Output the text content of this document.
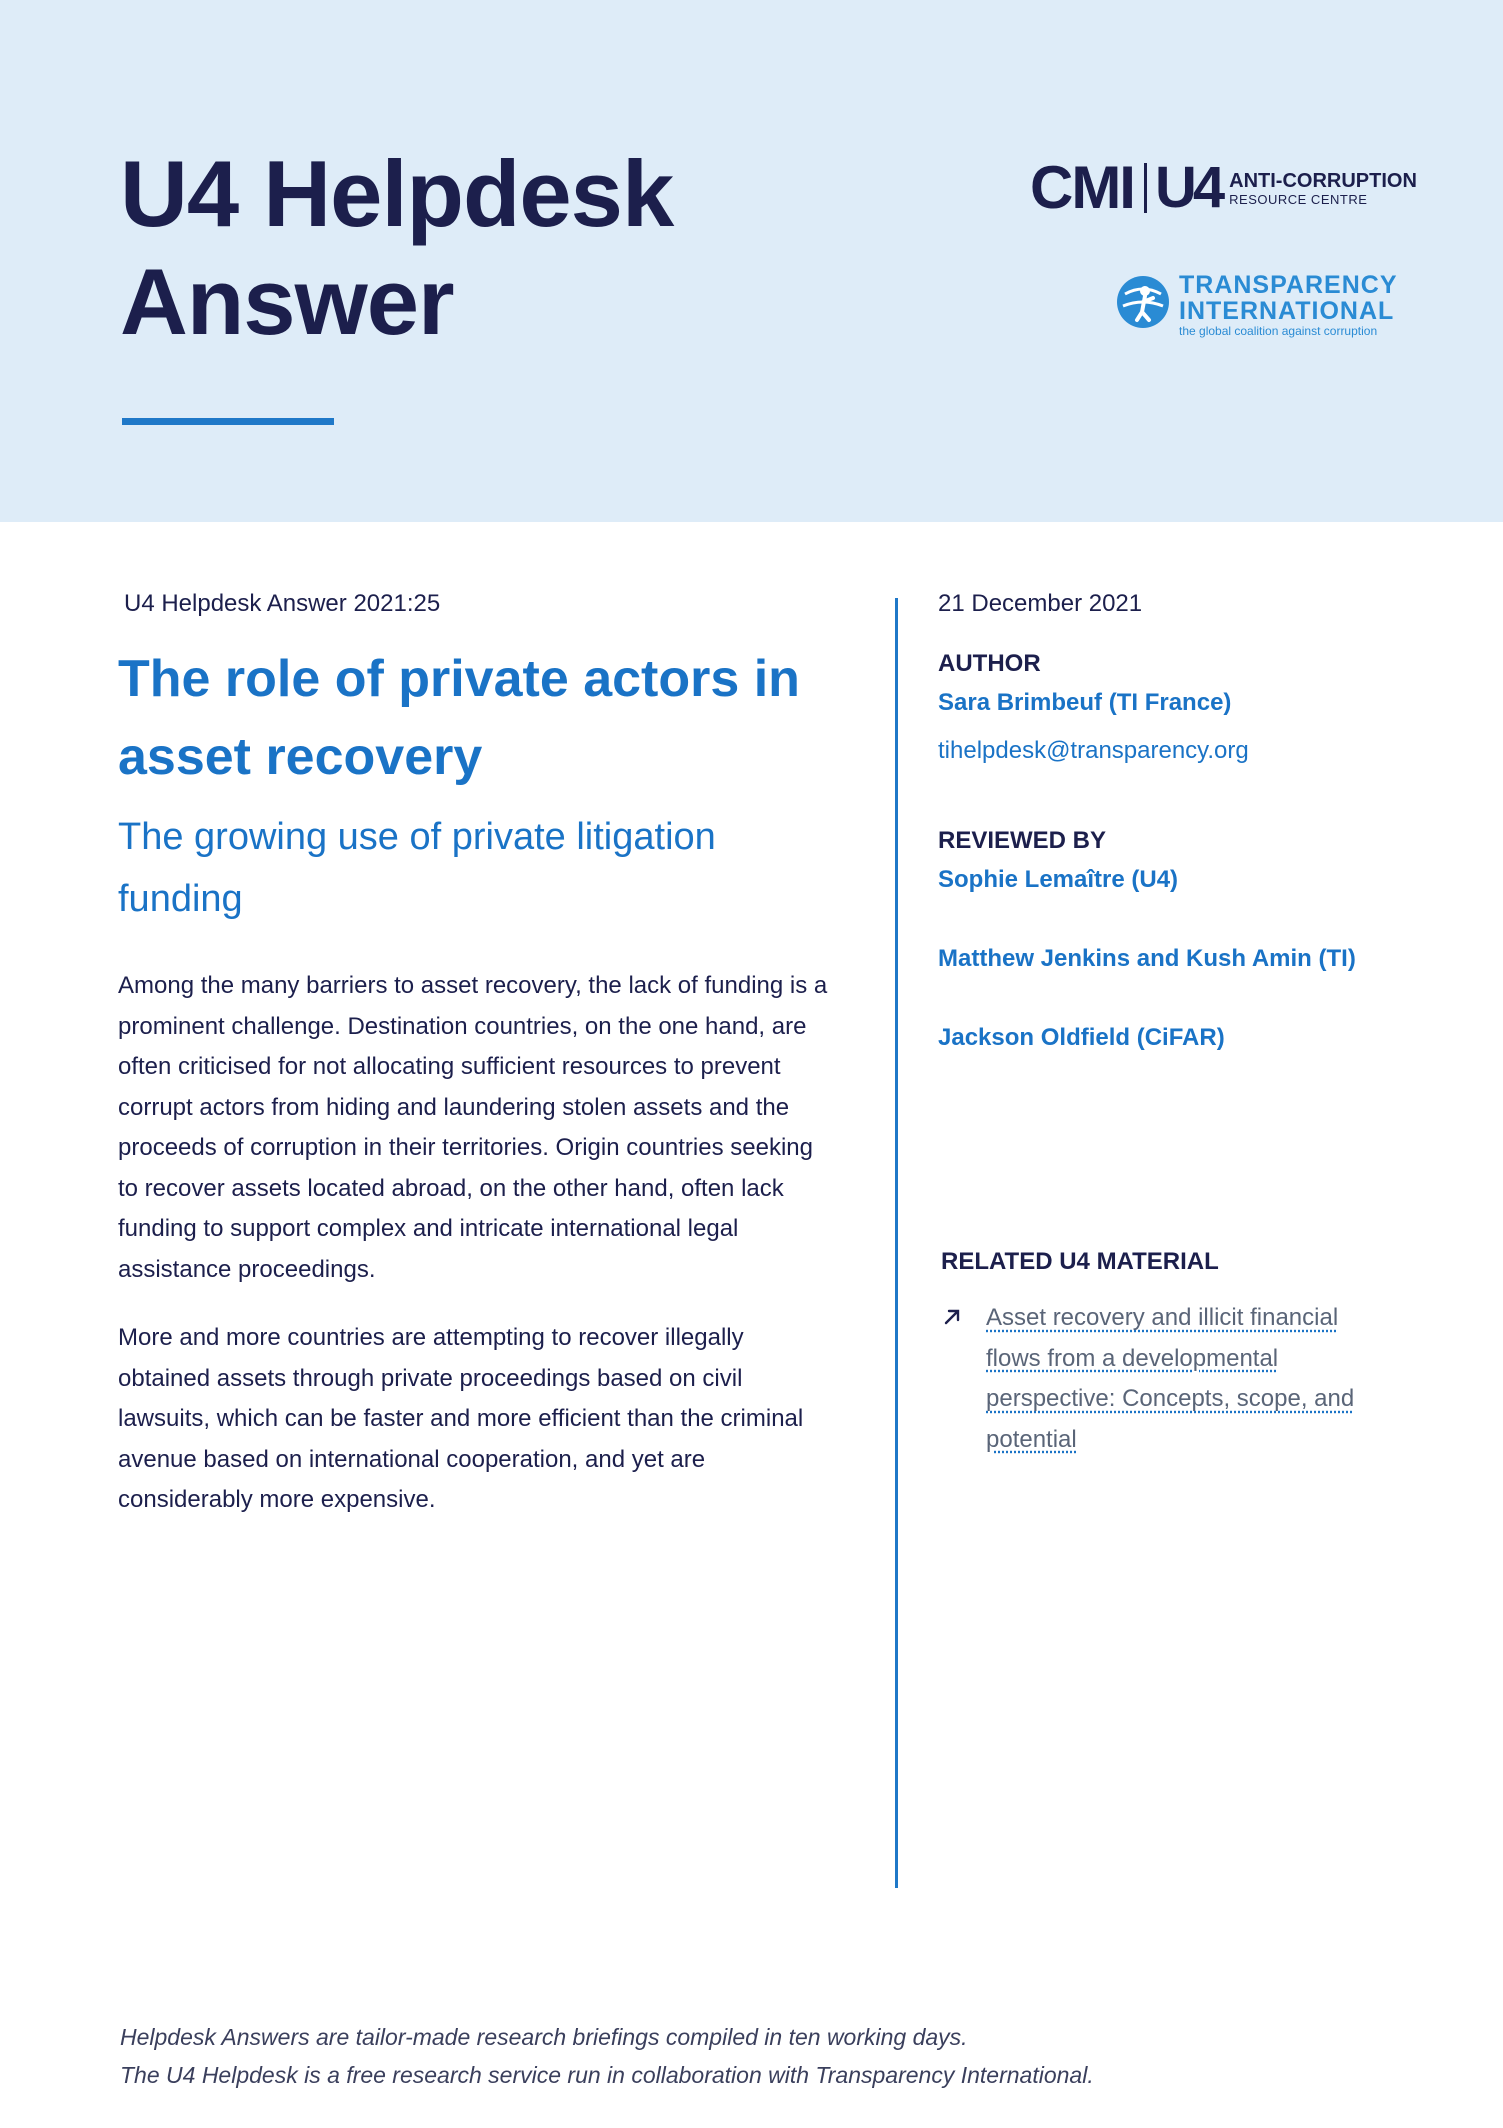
U4 Helpdesk
Answer
CMI U4 ANTI-CORRUPTION
RESOURCE CENTRE
TRANSPARENCY
INTERNATIONAL
the global coalition against corruption
U4 Helpdesk Answer 2021:25
The role of private actors in
asset recovery
The growing use of private litigation
funding

Among the many barriers to asset recovery, the lack of funding is a prominent challenge. Destination countries, on the one hand, are often criticised for not allocating sufficient resources to prevent corrupt actors from hiding and laundering stolen assets and the proceeds of corruption in their territories. Origin countries seeking to recover assets located abroad, on the other hand, often lack funding to support complex and intricate international legal assistance proceedings.

More and more countries are attempting to recover illegally obtained assets through private proceedings based on civil lawsuits, which can be faster and more efficient than the criminal avenue based on international cooperation, and yet are considerably more expensive.

21 December 2021
AUTHOR
Sara Brimbeuf (TI France)
tihelpdesk@transparency.org
REVIEWED BY
Sophie Lemaître (U4)
Matthew Jenkins and Kush Amin (TI)
Jackson Oldfield (CiFAR)
RELATED U4 MATERIAL
Asset recovery and illicit financial flows from a developmental perspective: Concepts, scope, and potential
Helpdesk Answers are tailor-made research briefings compiled in ten working days.
The U4 Helpdesk is a free research service run in collaboration with Transparency International.
